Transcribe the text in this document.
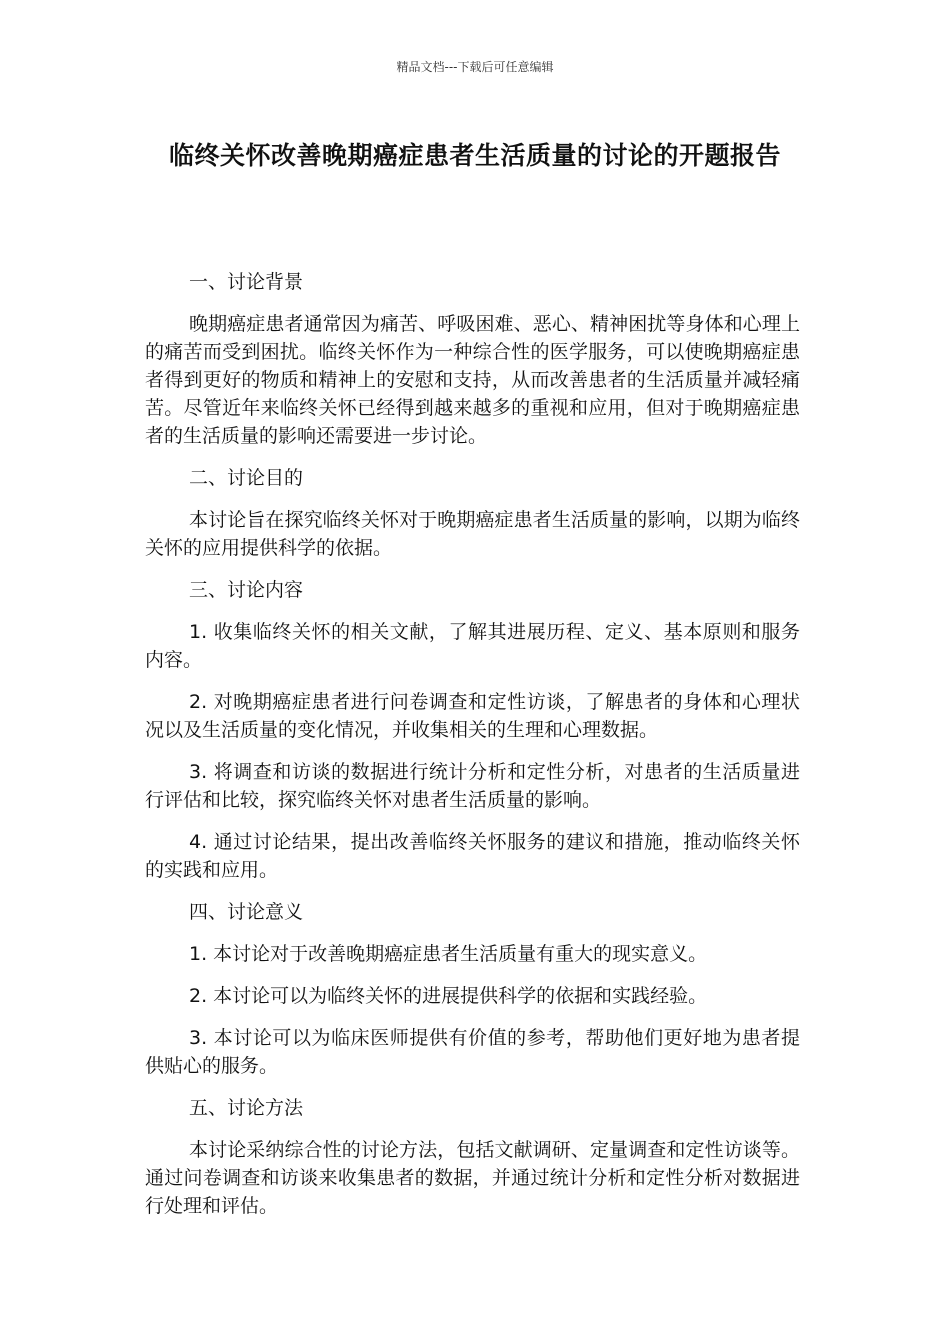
精品文档---下载后可任意编辑
临终关怀改善晚期癌症患者生活质量的讨论的开题报告

一、讨论背景

晚期癌症患者通常因为痛苦、呼吸困难、恶心、精神困扰等身体和心理上的痛苦而受到困扰。临终关怀作为一种综合性的医学服务，可以使晚期癌症患者得到更好的物质和精神上的安慰和支持，从而改善患者的生活质量并减轻痛苦。尽管近年来临终关怀已经得到越来越多的重视和应用，但对于晚期癌症患者的生活质量的影响还需要进一步讨论。

二、讨论目的

本讨论旨在探究临终关怀对于晚期癌症患者生活质量的影响，以期为临终关怀的应用提供科学的依据。

三、讨论内容

1. 收集临终关怀的相关文献，了解其进展历程、定义、基本原则和服务内容。

2. 对晚期癌症患者进行问卷调查和定性访谈，了解患者的身体和心理状况以及生活质量的变化情况，并收集相关的生理和心理数据。

3. 将调查和访谈的数据进行统计分析和定性分析，对患者的生活质量进行评估和比较，探究临终关怀对患者生活质量的影响。

4. 通过讨论结果，提出改善临终关怀服务的建议和措施，推动临终关怀的实践和应用。

四、讨论意义

1. 本讨论对于改善晚期癌症患者生活质量有重大的现实意义。

2. 本讨论可以为临终关怀的进展提供科学的依据和实践经验。

3. 本讨论可以为临床医师提供有价值的参考，帮助他们更好地为患者提供贴心的服务。

五、讨论方法

本讨论采纳综合性的讨论方法，包括文献调研、定量调查和定性访谈等。通过问卷调查和访谈来收集患者的数据，并通过统计分析和定性分析对数据进行处理和评估。
